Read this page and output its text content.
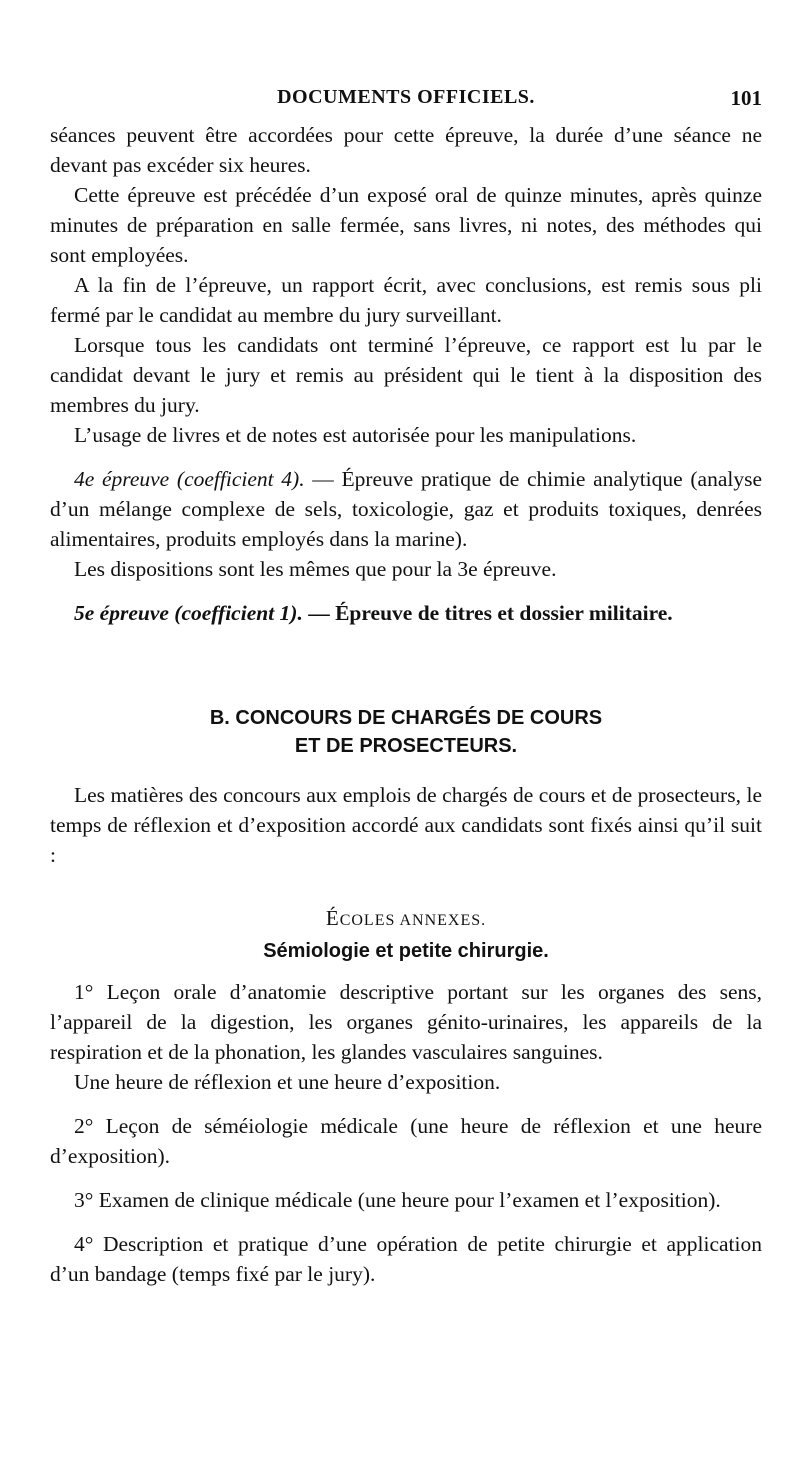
DOCUMENTS OFFICIELS.	101

séances peuvent être accordées pour cette épreuve, la durée d’une séance ne devant pas excéder six heures.

Cette épreuve est précédée d’un exposé oral de quinze minutes, après quinze minutes de préparation en salle fermée, sans livres, ni notes, des méthodes qui sont employées.

A la fin de l’épreuve, un rapport écrit, avec conclusions, est remis sous pli fermé par le candidat au membre du jury surveillant.

Lorsque tous les candidats ont terminé l’épreuve, ce rapport est lu par le candidat devant le jury et remis au président qui le tient à la disposition des membres du jury.

L’usage de livres et de notes est autorisée pour les manipulations.

4e épreuve (coefficient 4). — Épreuve pratique de chimie analytique (analyse d’un mélange complexe de sels, toxicologie, gaz et produits toxiques, denrées alimentaires, produits employés dans la marine).

Les dispositions sont les mêmes que pour la 3e épreuve.

5e épreuve (coefficient 1). — Épreuve de titres et dossier militaire.

B. CONCOURS DE CHARGÉS DE COURS
ET DE PROSECTEURS.

Les matières des concours aux emplois de chargés de cours et de prosecteurs, le temps de réflexion et d’exposition accordé aux candidats sont fixés ainsi qu’il suit :

ÉCOLES ANNEXES.
Sémiologie et petite chirurgie.

1° Leçon orale d’anatomie descriptive portant sur les organes des sens, l’appareil de la digestion, les organes génito-urinaires, les appareils de la respiration et de la phonation, les glandes vasculaires sanguines.

Une heure de réflexion et une heure d’exposition.

2° Leçon de séméiologie médicale (une heure de réflexion et une heure d’exposition).

3° Examen de clinique médicale (une heure pour l’examen et l’exposition).

4° Description et pratique d’une opération de petite chirurgie et application d’un bandage (temps fixé par le jury).
